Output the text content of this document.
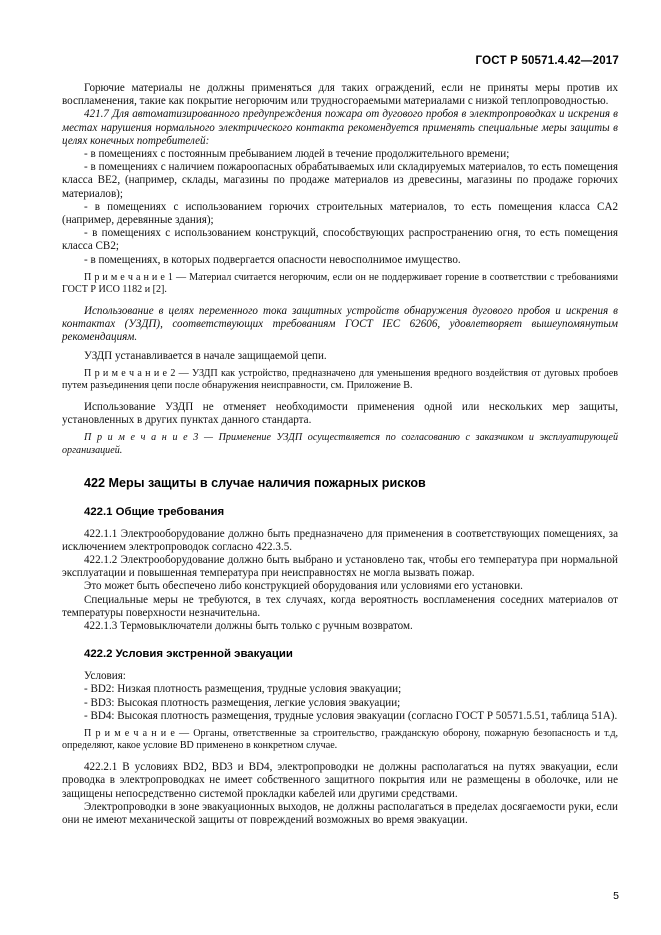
ГОСТ Р 50571.4.42—2017

Горючие материалы не должны применяться для таких ограждений, если не приняты меры против их воспламенения, такие как покрытие негорючим или трудносгораемыми материалами с низкой теплопроводностью.

421.7 Для автоматизированного предупреждения пожара от дугового пробоя в электропроводках и искрения в местах нарушения нормального электрического контакта рекомендуется применять специальные меры защиты в целях конечных потребителей:

- в помещениях с постоянным пребыванием людей в течение продолжительного времени;

- в помещениях с наличием пожароопасных обрабатываемых или складируемых материалов, то есть помещения класса BE2, (например, склады, магазины по продаже материалов из древесины, магазины по продаже горючих материалов);

- в помещениях с использованием горючих строительных материалов, то есть помещения класса CA2 (например, деревянные здания);

- в помещениях с использованием конструкций, способствующих распространению огня, то есть помещения класса CB2;

- в помещениях, в которых подвергается опасности невосполнимое имущество.

П р и м е ч а н и е 1 — Материал считается негорючим, если он не поддерживает горение в соответствии с требованиями ГОСТ Р ИСО 1182 и [2].

Использование в целях переменного тока защитных устройств обнаружения дугового пробоя и искрения в контактах (УЗДП), соответствующих требованиям ГОСТ IEC 62606, удовлетворяет вышеупомянутым рекомендациям.

УЗДП устанавливается в начале защищаемой цепи.

П р и м е ч а н и е 2 — УЗДП как устройство, предназначено для уменьшения вредного воздействия от дуговых пробоев путем разъединения цепи после обнаружения неисправности, см. Приложение В.

Использование УЗДП не отменяет необходимости применения одной или нескольких мер защиты, установленных в других пунктах данного стандарта.

П р и м е ч а н и е 3 — Применение УЗДП осуществляется по согласованию с заказчиком и эксплуатирующей организацией.

422 Меры защиты в случае наличия пожарных рисков
422.1 Общие требования

422.1.1 Электрооборудование должно быть предназначено для применения в соответствующих помещениях, за исключением электропроводок согласно 422.3.5.

422.1.2 Электрооборудование должно быть выбрано и установлено так, чтобы его температура при нормальной эксплуатации и повышенная температура при неисправностях не могла вызвать пожар.

Это может быть обеспечено либо конструкцией оборудования или условиями его установки.

Специальные меры не требуются, в тех случаях, когда вероятность воспламенения соседних материалов от температуры поверхности незначительна.

422.1.3 Термовыключатели должны быть только с ручным возвратом.

422.2 Условия экстренной эвакуации

Условия:

- BD2: Низкая плотность размещения, трудные условия эвакуации;

- BD3: Высокая плотность размещения, легкие условия эвакуации;

- BD4: Высокая плотность размещения, трудные условия эвакуации (согласно ГОСТ Р 50571.5.51, таблица 51А).

П р и м е ч а н и е — Органы, ответственные за строительство, гражданскую оборону, пожарную безопасность и т.д, определяют, какое условие BD применено в конкретном случае.

422.2.1 В условиях BD2, BD3 и BD4, электропроводки не должны располагаться на путях эвакуации, если проводка в электропроводках не имеет собственного защитного покрытия или не размещены в оболочке, или не защищены непосредственно системой прокладки кабелей или другими средствами.

Электропроводки в зоне эвакуационных выходов, не должны располагаться в пределах досягаемости руки, если они не имеют механической защиты от повреждений возможных во время эвакуации.

5
